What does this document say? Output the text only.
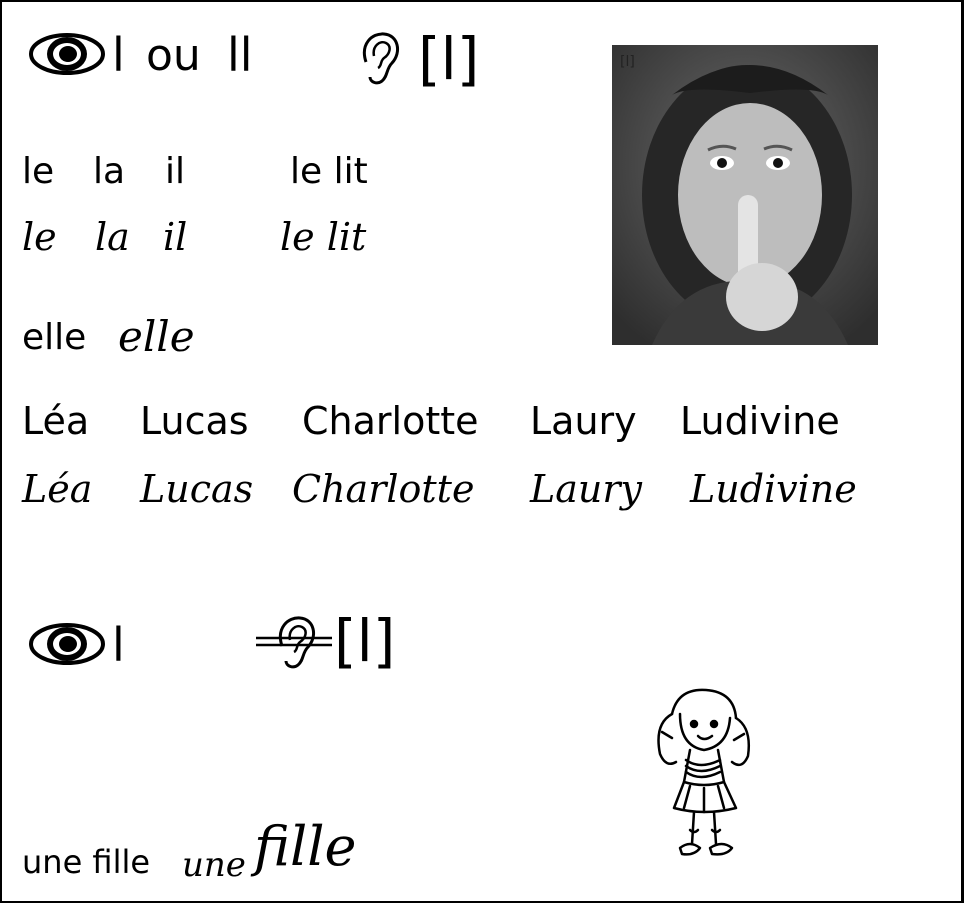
l ou ll	[l]	[l]
le la il	le lit
le la il le lit
elle elle
Léa Lucas Charlotte Laury Ludivine
Léa Lucas Charlotte Laury Ludivine
l	[l]
une fille une fille
